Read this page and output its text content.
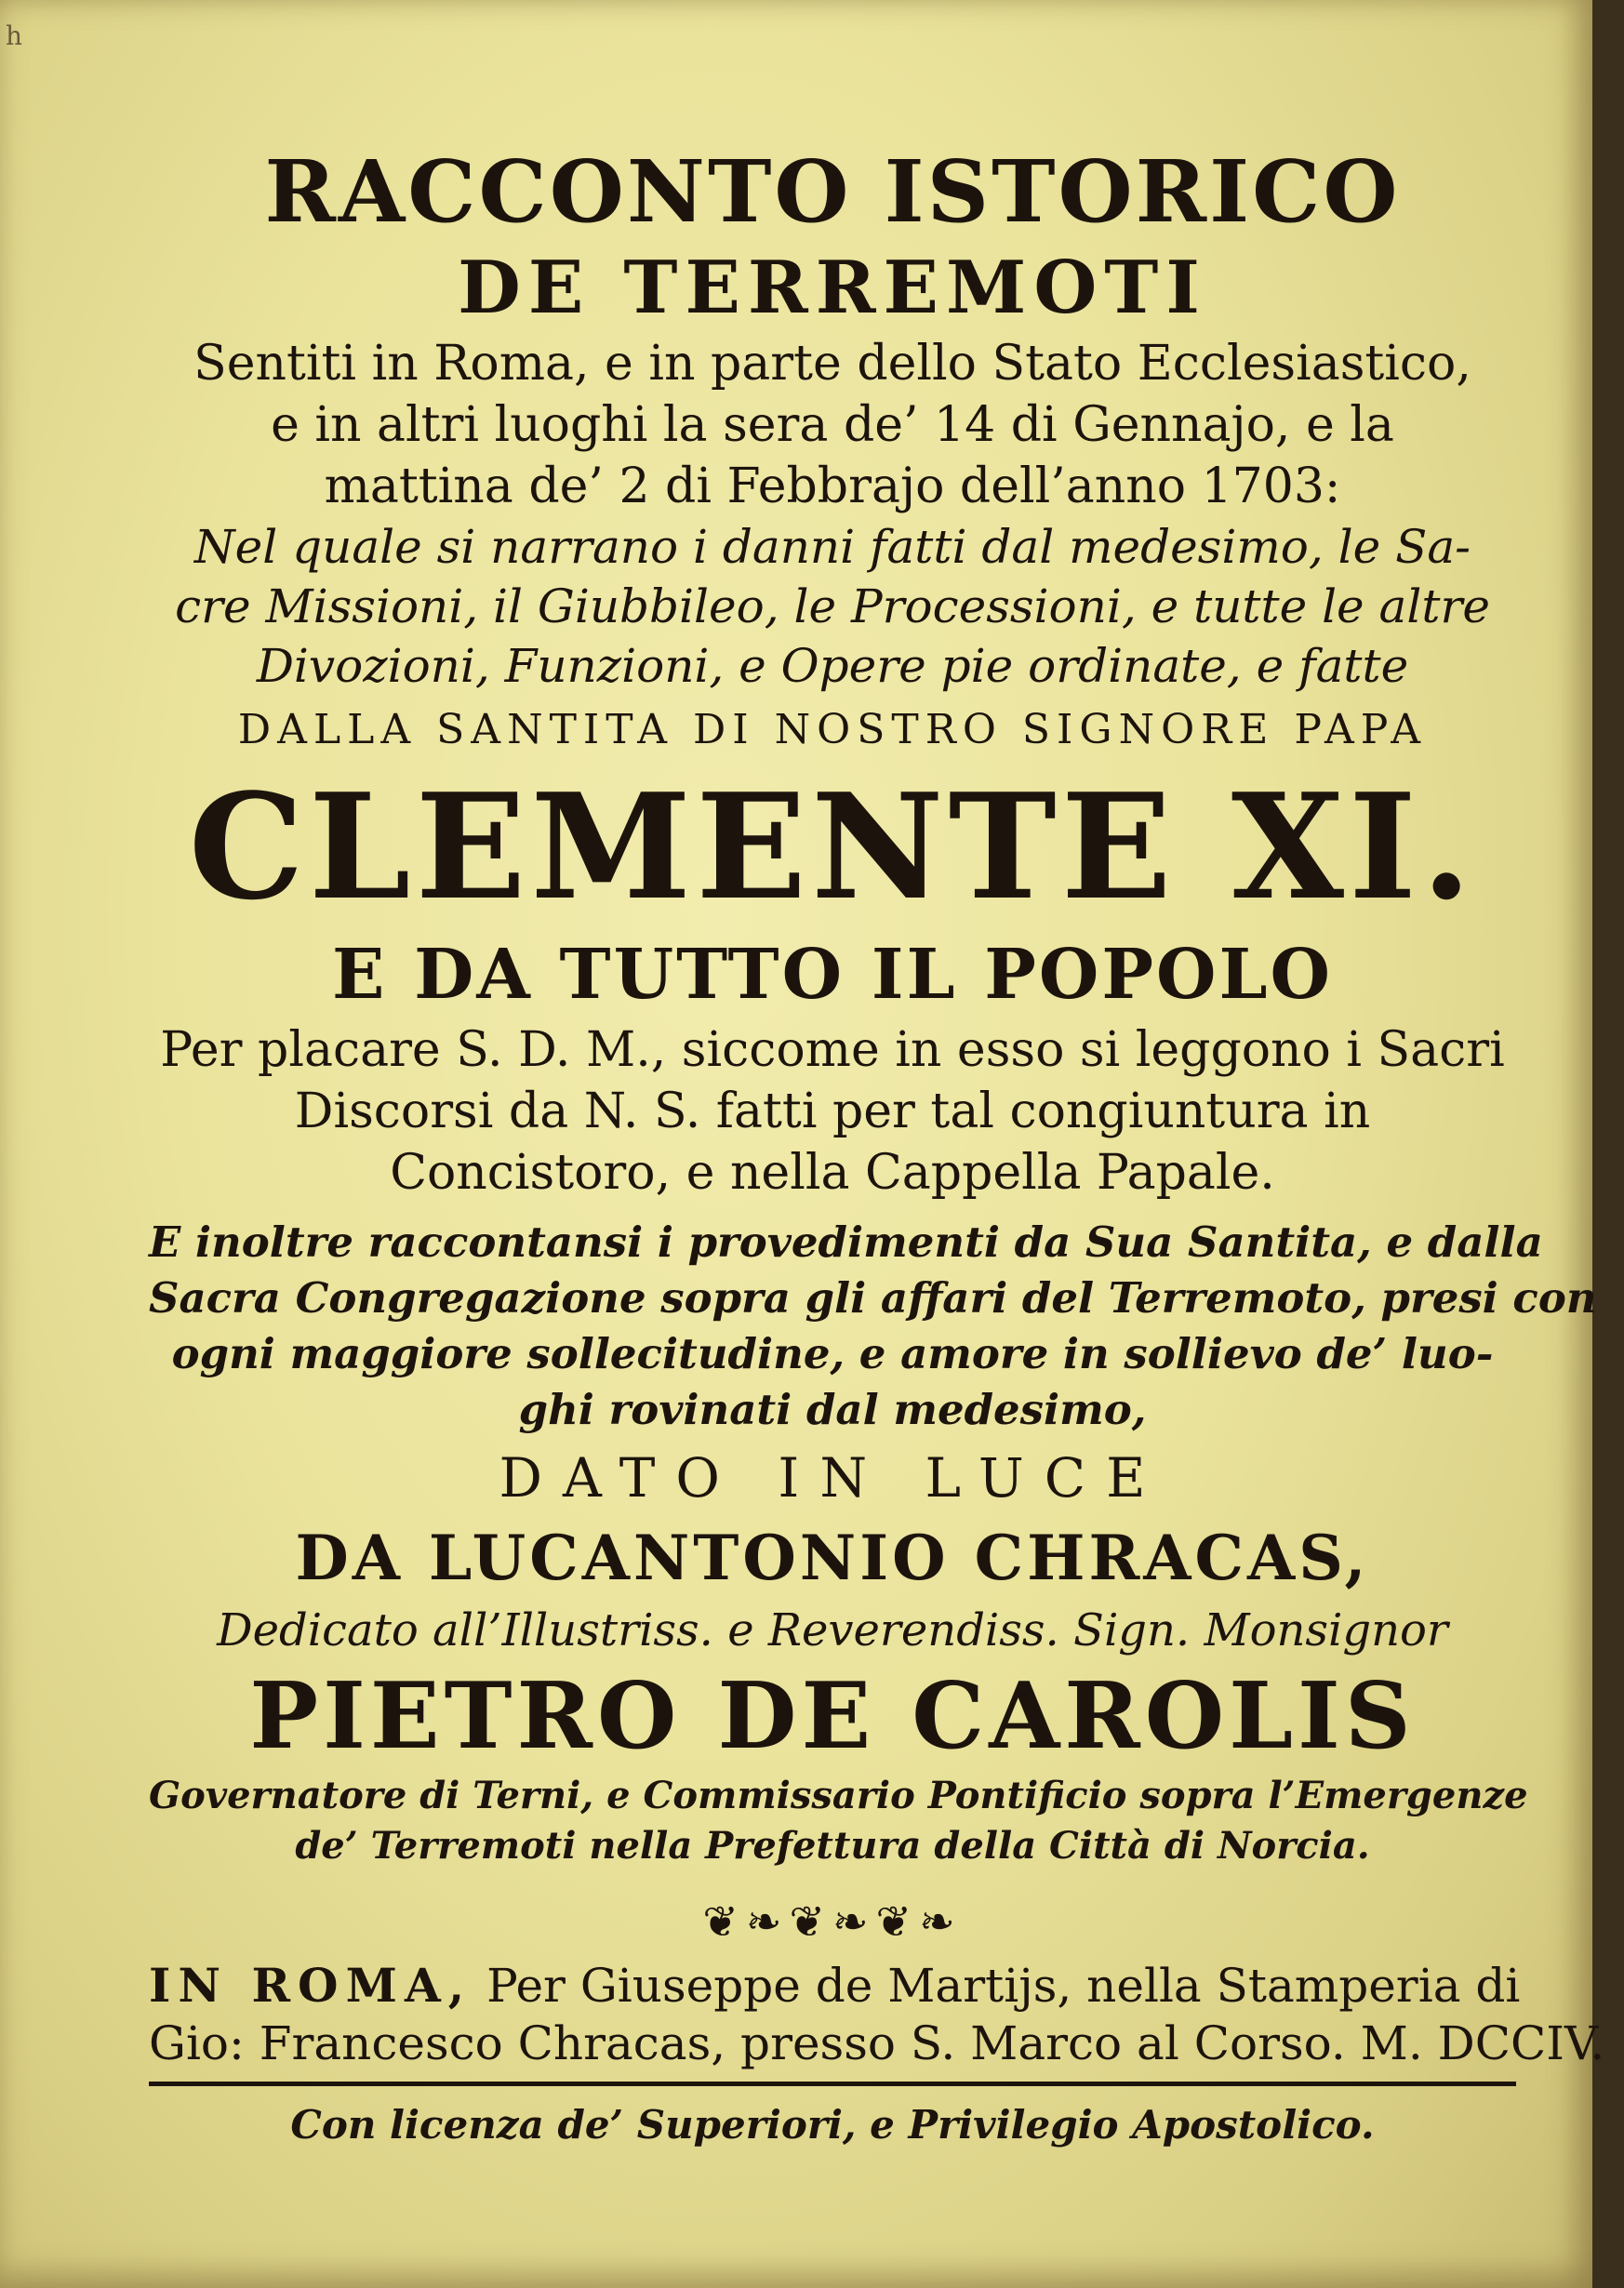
h
RACCONTO ISTORICO
DE TERREMOTI
Sentiti in Roma, e in parte dello Stato Ecclesiastico,
e in altri luoghi la sera de’ 14 di Gennajo, e la
mattina de’ 2 di Febbrajo dell’anno 1703:
Nel quale si narrano i danni fatti dal medesimo, le Sa-
cre Missioni, il Giubbileo, le Processioni, e tutte le altre
Divozioni, Funzioni, e Opere pie ordinate, e fatte
DALLA SANTITA DI NOSTRO SIGNORE PAPA
CLEMENTE XI.
E DA TUTTO IL POPOLO
Per placare S. D. M., siccome in esso si leggono i Sacri
Discorsi da N. S. fatti per tal congiuntura in
Concistoro, e nella Cappella Papale.
E inoltre raccontansi i provedimenti da Sua Santita, e dalla
Sacra Congregazione sopra gli affari del Terremoto, presi con
ogni maggiore sollecitudine, e amore in sollievo de’ luo-
ghi rovinati dal medesimo,
DATO IN LUCE
DA LUCANTONIO CHRACAS,
Dedicato all’Illustriss. e Reverendiss. Sign. Monsignor
PIETRO DE CAROLIS
Governatore di Terni, e Commissario Pontificio sopra l’Emergenze
de’ Terremoti nella Prefettura della Città di Norcia.
❦❧❦❧❦❧
IN ROMA, Per Giuseppe de Martijs, nella Stamperia di
Gio: Francesco Chracas, presso S. Marco al Corso. M. DCCIV.
Con licenza de’ Superiori, e Privilegio Apostolico.
